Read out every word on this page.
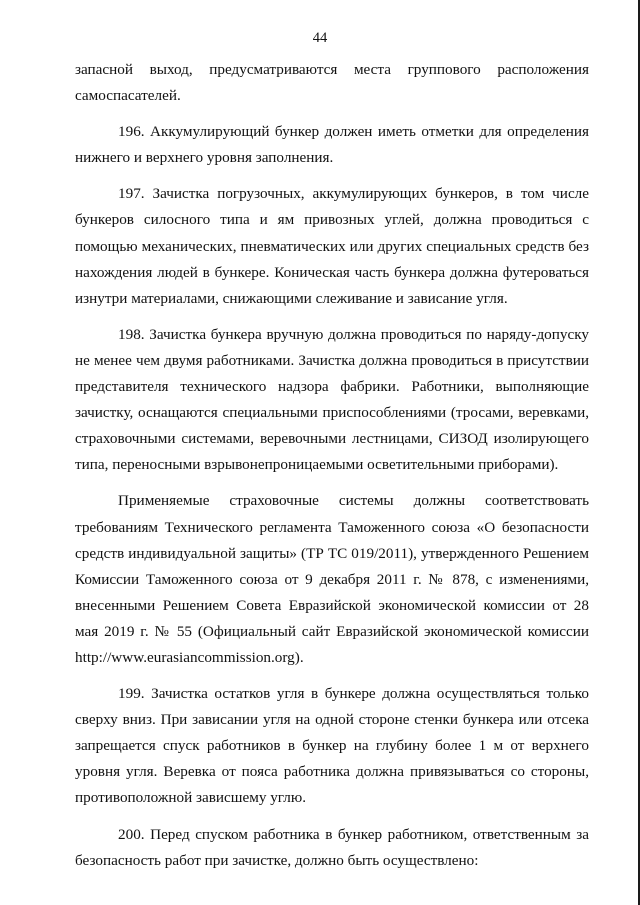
44

запасной выход, предусматриваются места группового расположения самоспасателей.

196. Аккумулирующий бункер должен иметь отметки для определения нижнего и верхнего уровня заполнения.

197. Зачистка погрузочных, аккумулирующих бункеров, в том числе бункеров силосного типа и ям привозных углей, должна проводиться с помощью механических, пневматических или других специальных средств без нахождения людей в бункере. Коническая часть бункера должна футероваться изнутри материалами, снижающими слеживание и зависание угля.

198. Зачистка бункера вручную должна проводиться по наряду-допуску не менее чем двумя работниками. Зачистка должна проводиться в присутствии представителя технического надзора фабрики. Работники, выполняющие зачистку, оснащаются специальными приспособлениями (тросами, веревками, страховочными системами, веревочными лестницами, СИЗОД изолирующего типа, переносными взрывонепроницаемыми осветительными приборами).

Применяемые страховочные системы должны соответствовать требованиям Технического регламента Таможенного союза «О безопасности средств индивидуальной защиты» (ТР ТС 019/2011), утвержденного Решением Комиссии Таможенного союза от 9 декабря 2011 г. № 878, с изменениями, внесенными Решением Совета Евразийской экономической комиссии от 28 мая 2019 г. № 55 (Официальный сайт Евразийской экономической комиссии http://www.eurasiancommission.org).

199. Зачистка остатков угля в бункере должна осуществляться только сверху вниз. При зависании угля на одной стороне стенки бункера или отсека запрещается спуск работников в бункер на глубину более 1 м от верхнего уровня угля. Веревка от пояса работника должна привязываться со стороны, противоположной зависшему углю.

200. Перед спуском работника в бункер работником, ответственным за безопасность работ при зачистке, должно быть осуществлено:
